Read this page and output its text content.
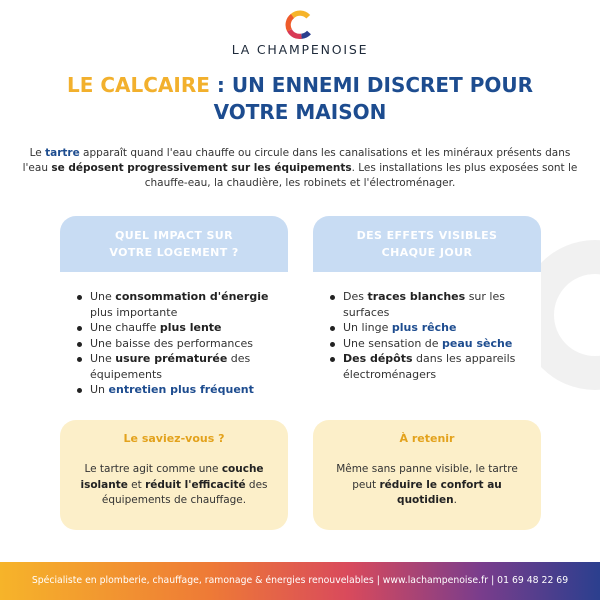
LA CHAMPENOISE
LE CALCAIRE : UN ENNEMI DISCRET POUR
VOTRE MAISON

Le tartre apparaît quand l'eau chauffe ou circule dans les canalisations et les minéraux présents dans l'eau se déposent progressivement sur les équipements. Les installations les plus exposées sont le chauffe-eau, la chaudière, les robinets et l'électroménager.

QUEL IMPACT SUR
VOTRE LOGEMENT ?
Une consommation d'énergie plus importante
Une chauffe plus lente
Une baisse des performances
Une usure prématurée des équipements
Un entretien plus fréquent
Le saviez-vous ?

Le tartre agit comme une couche isolante et réduit l'efficacité des équipements de chauffage.

DES EFFETS VISIBLES
CHAQUE JOUR
Des traces blanches sur les surfaces
Un linge plus rêche
Une sensation de peau sèche
Des dépôts dans les appareils électroménagers
À retenir

Même sans panne visible, le tartre peut réduire le confort au quotidien.

Spécialiste en plomberie, chauffage, ramonage & énergies renouvelables | www.lachampenoise.fr | 01 69 48 22 69
